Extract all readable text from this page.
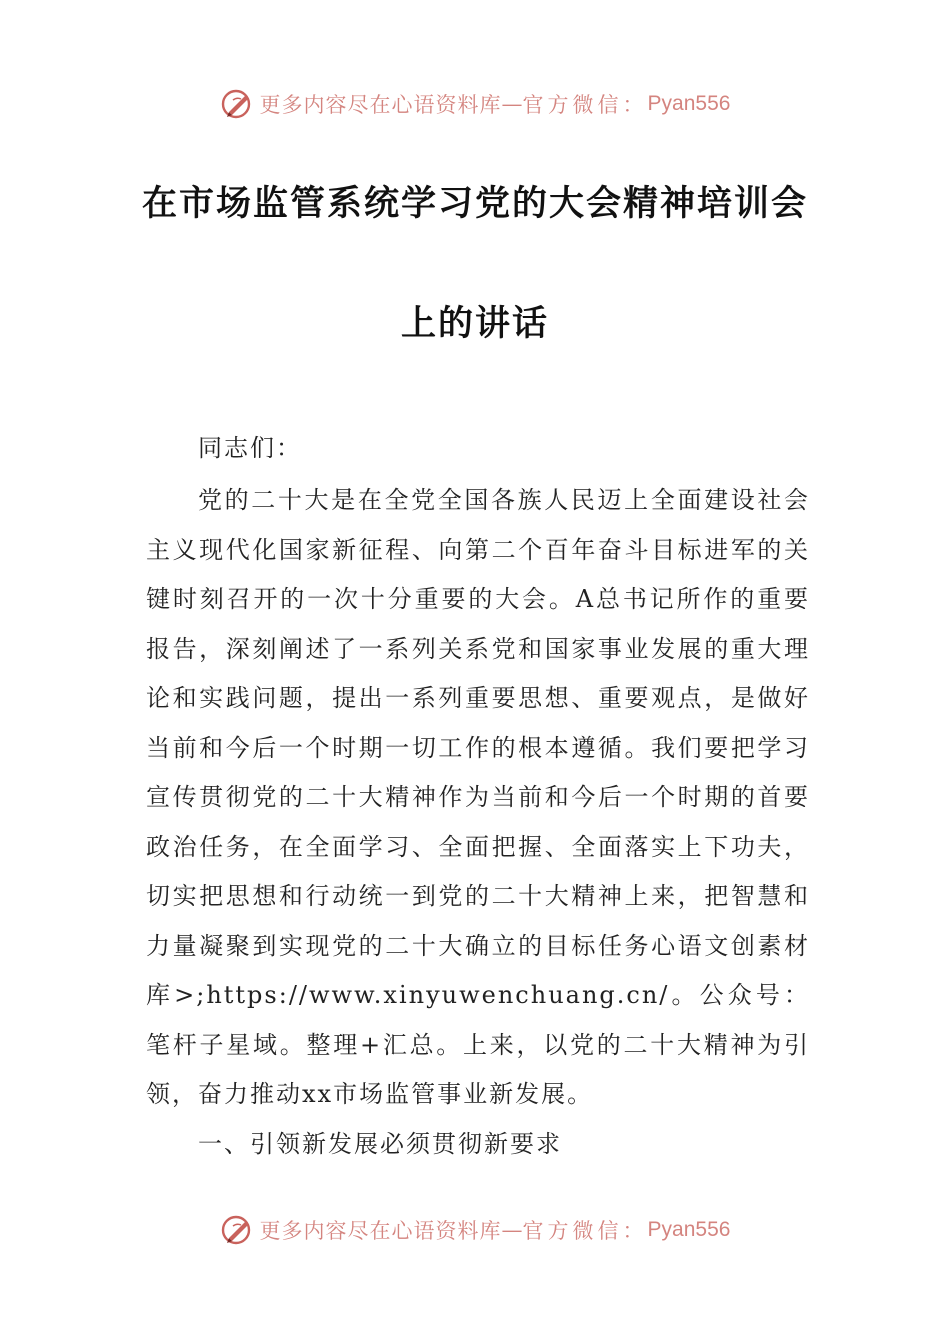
更多内容尽在心语资料库 — 官方微信： Pyan556
在市场监管系统学习党的大会精神培训会
上的讲话
同志们：

党的二十大是在全党全国各族人民迈上全面建设社会主义现代化国家新征程、向第二个百年奋斗目标进军的关键时刻召开的一次十分重要的大会。A总书记所作的重要报告，深刻阐述了一系列关系党和国家事业发展的重大理论和实践问题，提出一系列重要思想、重要观点，是做好当前和今后一个时期一切工作的根本遵循。我们要把学习宣传贯彻党的二十大精神作为当前和今后一个时期的首要政治任务，在全面学习、全面把握、全面落实上下功夫，切实把思想和行动统一到党的二十大精神上来，把智慧和力量凝聚到实现党的二十大确立的目标任务心语文创素材库>;https://www.xinyuwenchuang.cn/。公众号：笔杆子星域。整理+汇总。上来，以党的二十大精神为引领，奋力推动xx市场监管事业新发展。

一、引领新发展必须贯彻新要求
更多内容尽在心语资料库 — 官方微信： Pyan556
